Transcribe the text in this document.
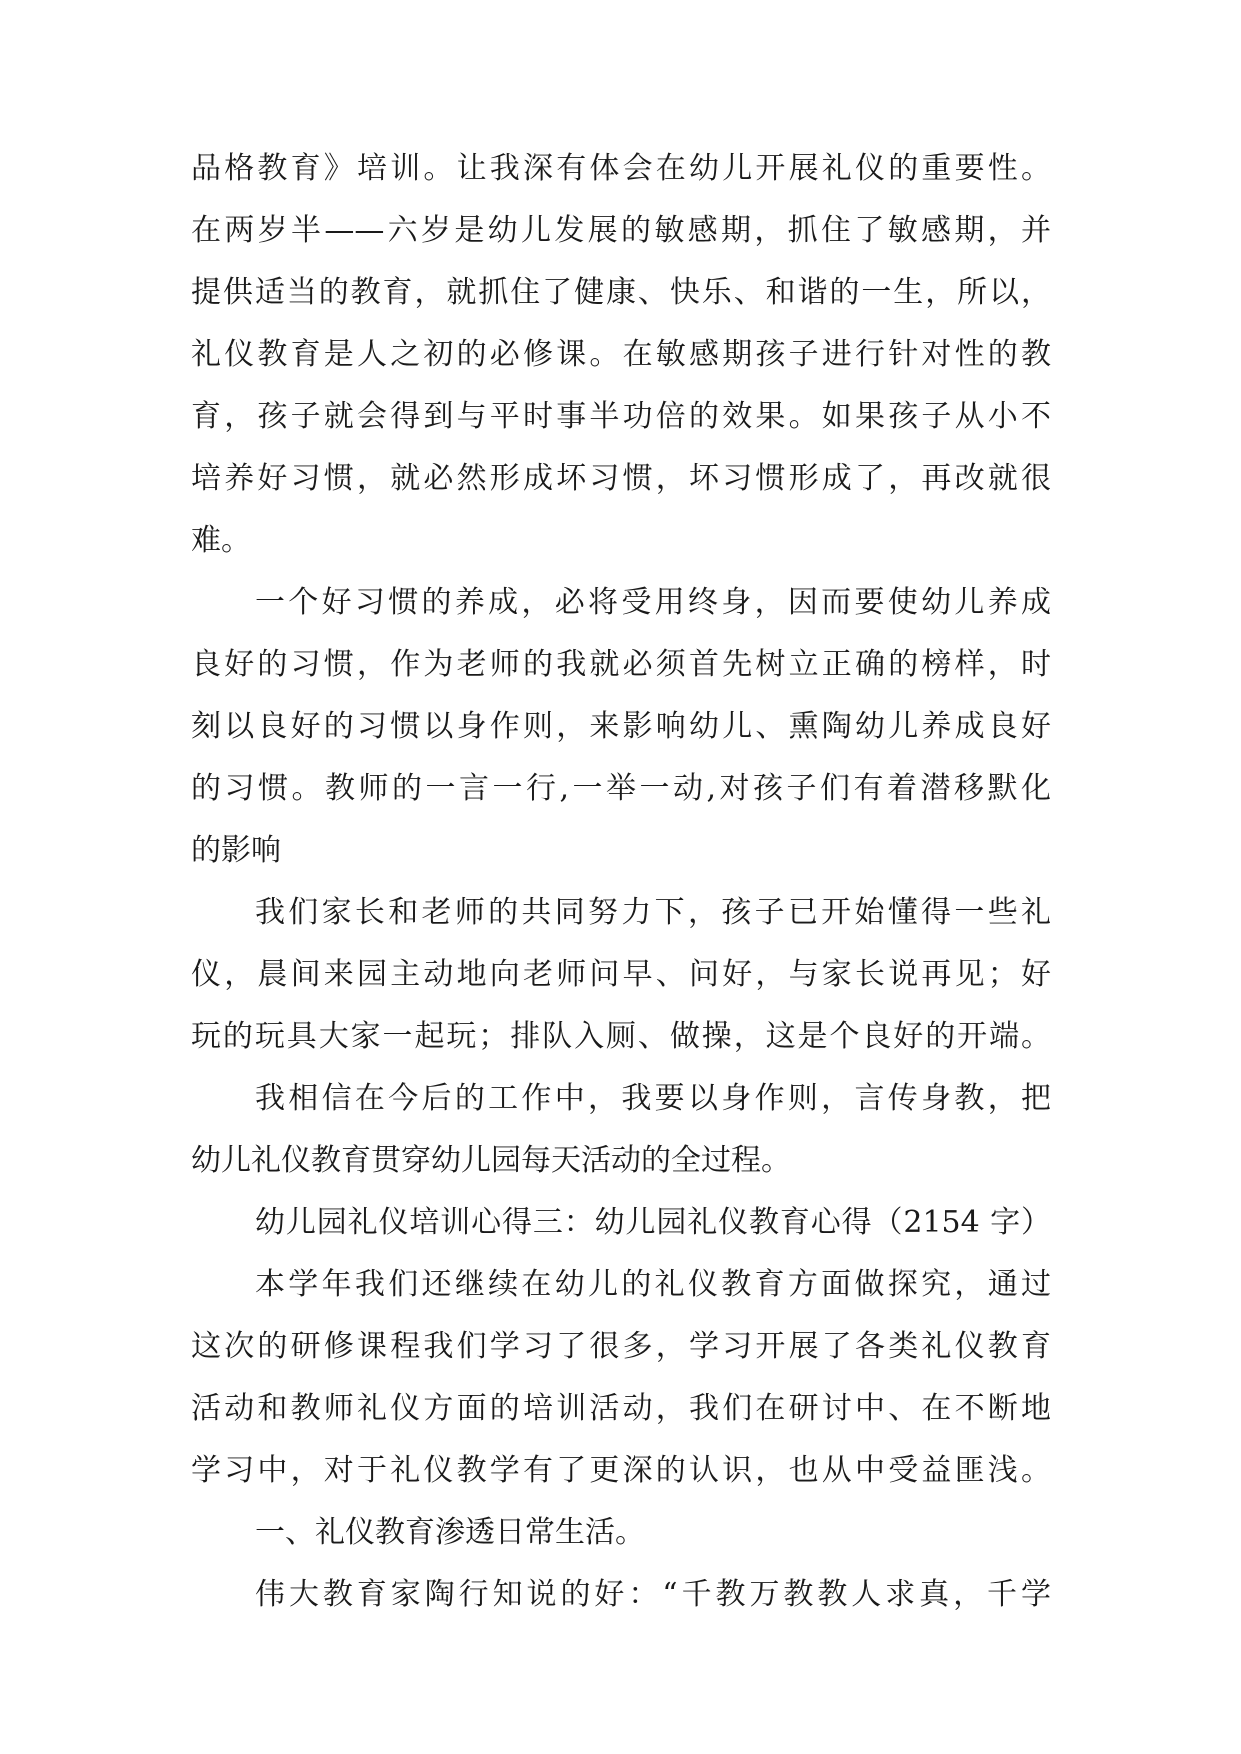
品格教育》培训。让我深有体会在幼儿开展礼仪的重要性。
在两岁半——六岁是幼儿发展的敏感期，抓住了敏感期，并
提供适当的教育，就抓住了健康、快乐、和谐的一生，所以，
礼仪教育是人之初的必修课。在敏感期孩子进行针对性的教
育，孩子就会得到与平时事半功倍的效果。如果孩子从小不
培养好习惯，就必然形成坏习惯，坏习惯形成了，再改就很
难。
一个好习惯的养成，必将受用终身，因而要使幼儿养成
良好的习惯，作为老师的我就必须首先树立正确的榜样，时
刻以良好的习惯以身作则，来影响幼儿、熏陶幼儿养成良好
的习惯。教师的一言一行,一举一动,对孩子们有着潜移默化
的影响
我们家长和老师的共同努力下，孩子已开始懂得一些礼
仪，晨间来园主动地向老师问早、问好，与家长说再见；好
玩的玩具大家一起玩；排队入厕、做操，这是个良好的开端。
我相信在今后的工作中，我要以身作则，言传身教，把
幼儿礼仪教育贯穿幼儿园每天活动的全过程。
幼儿园礼仪培训心得三：幼儿园礼仪教育心得（2154 字）
本学年我们还继续在幼儿的礼仪教育方面做探究，通过
这次的研修课程我们学习了很多，学习开展了各类礼仪教育
活动和教师礼仪方面的培训活动，我们在研讨中、在不断地
学习中，对于礼仪教学有了更深的认识，也从中受益匪浅。
一、礼仪教育渗透日常生活。
伟大教育家陶行知说的好：“千教万教教人求真，千学
